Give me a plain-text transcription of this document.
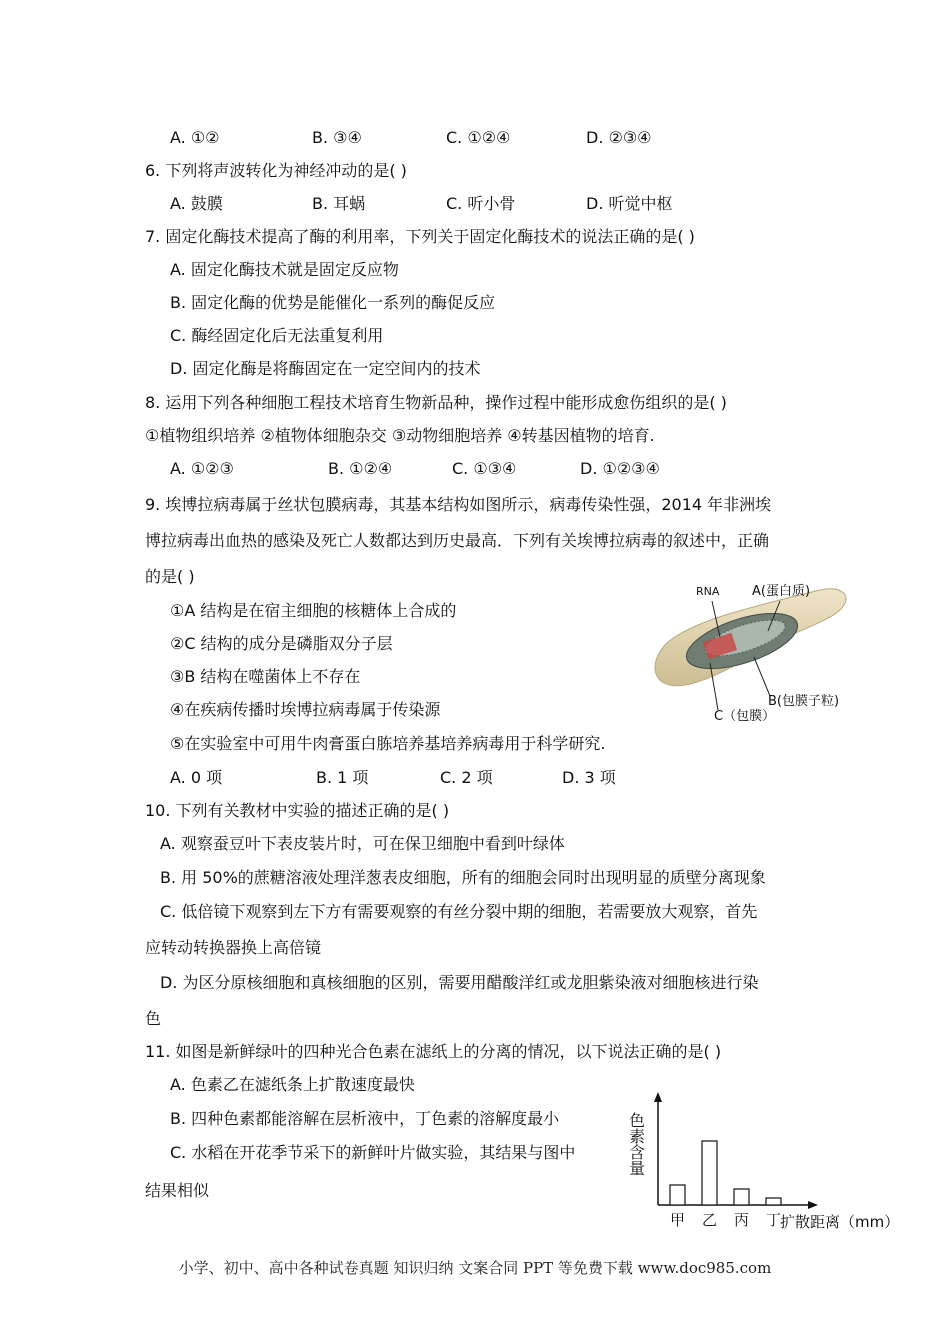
A. ①②	B. ③④	C. ①②④	D. ②③④
6. 下列将声波转化为神经冲动的是( )
A. 鼓膜	B. 耳蜗	C. 听小骨	D. 听觉中枢
7. 固定化酶技术提高了酶的利用率，下列关于固定化酶技术的说法正确的是( )
A. 固定化酶技术就是固定反应物
B. 固定化酶的优势是能催化一系列的酶促反应
C. 酶经固定化后无法重复利用
D. 固定化酶是将酶固定在一定空间内的技术
8. 运用下列各种细胞工程技术培育生物新品种，操作过程中能形成愈伤组织的是( )
①植物组织培养 ②植物体细胞杂交 ③动物细胞培养 ④转基因植物的培育.
A. ①②③	B. ①②④	C. ①③④	D. ①②③④
9. 埃博拉病毒属于丝状包膜病毒，其基本结构如图所示，病毒传染性强，2014 年非洲埃
博拉病毒出血热的感染及死亡人数都达到历史最高．下列有关埃博拉病毒的叙述中，正确
的是( )
①A 结构是在宿主细胞的核糖体上合成的
②C 结构的成分是磷脂双分子层
③B 结构在噬菌体上不存在
④在疾病传播时埃博拉病毒属于传染源
⑤在实验室中可用牛肉膏蛋白胨培养基培养病毒用于科学研究.
A. 0 项	B. 1 项	C. 2 项	D. 3 项
RNA	A(蛋白质)
B(包膜子粒)
C（包膜）
10. 下列有关教材中实验的描述正确的是( )
A. 观察蚕豆叶下表皮装片时，可在保卫细胞中看到叶绿体
B. 用 50%的蔗糖溶液处理洋葱表皮细胞，所有的细胞会同时出现明显的质壁分离现象
C. 低倍镜下观察到左下方有需要观察的有丝分裂中期的细胞，若需要放大观察，首先
应转动转换器换上高倍镜
D. 为区分原核细胞和真核细胞的区别，需要用醋酸洋红或龙胆紫染液对细胞核进行染
色
11. 如图是新鲜绿叶的四种光合色素在滤纸上的分离的情况，以下说法正确的是( )
A. 色素乙在滤纸条上扩散速度最快
B. 四种色素都能溶解在层析液中，丁色素的溶解度最小
C. 水稻在开花季节采下的新鲜叶片做实验，其结果与图中
结果相似
色素含量
甲 乙 丙 丁
扩散距离（mm）
小学、初中、高中各种试卷真题 知识归纳 文案合同 PPT 等免费下载 www.doc985.com
